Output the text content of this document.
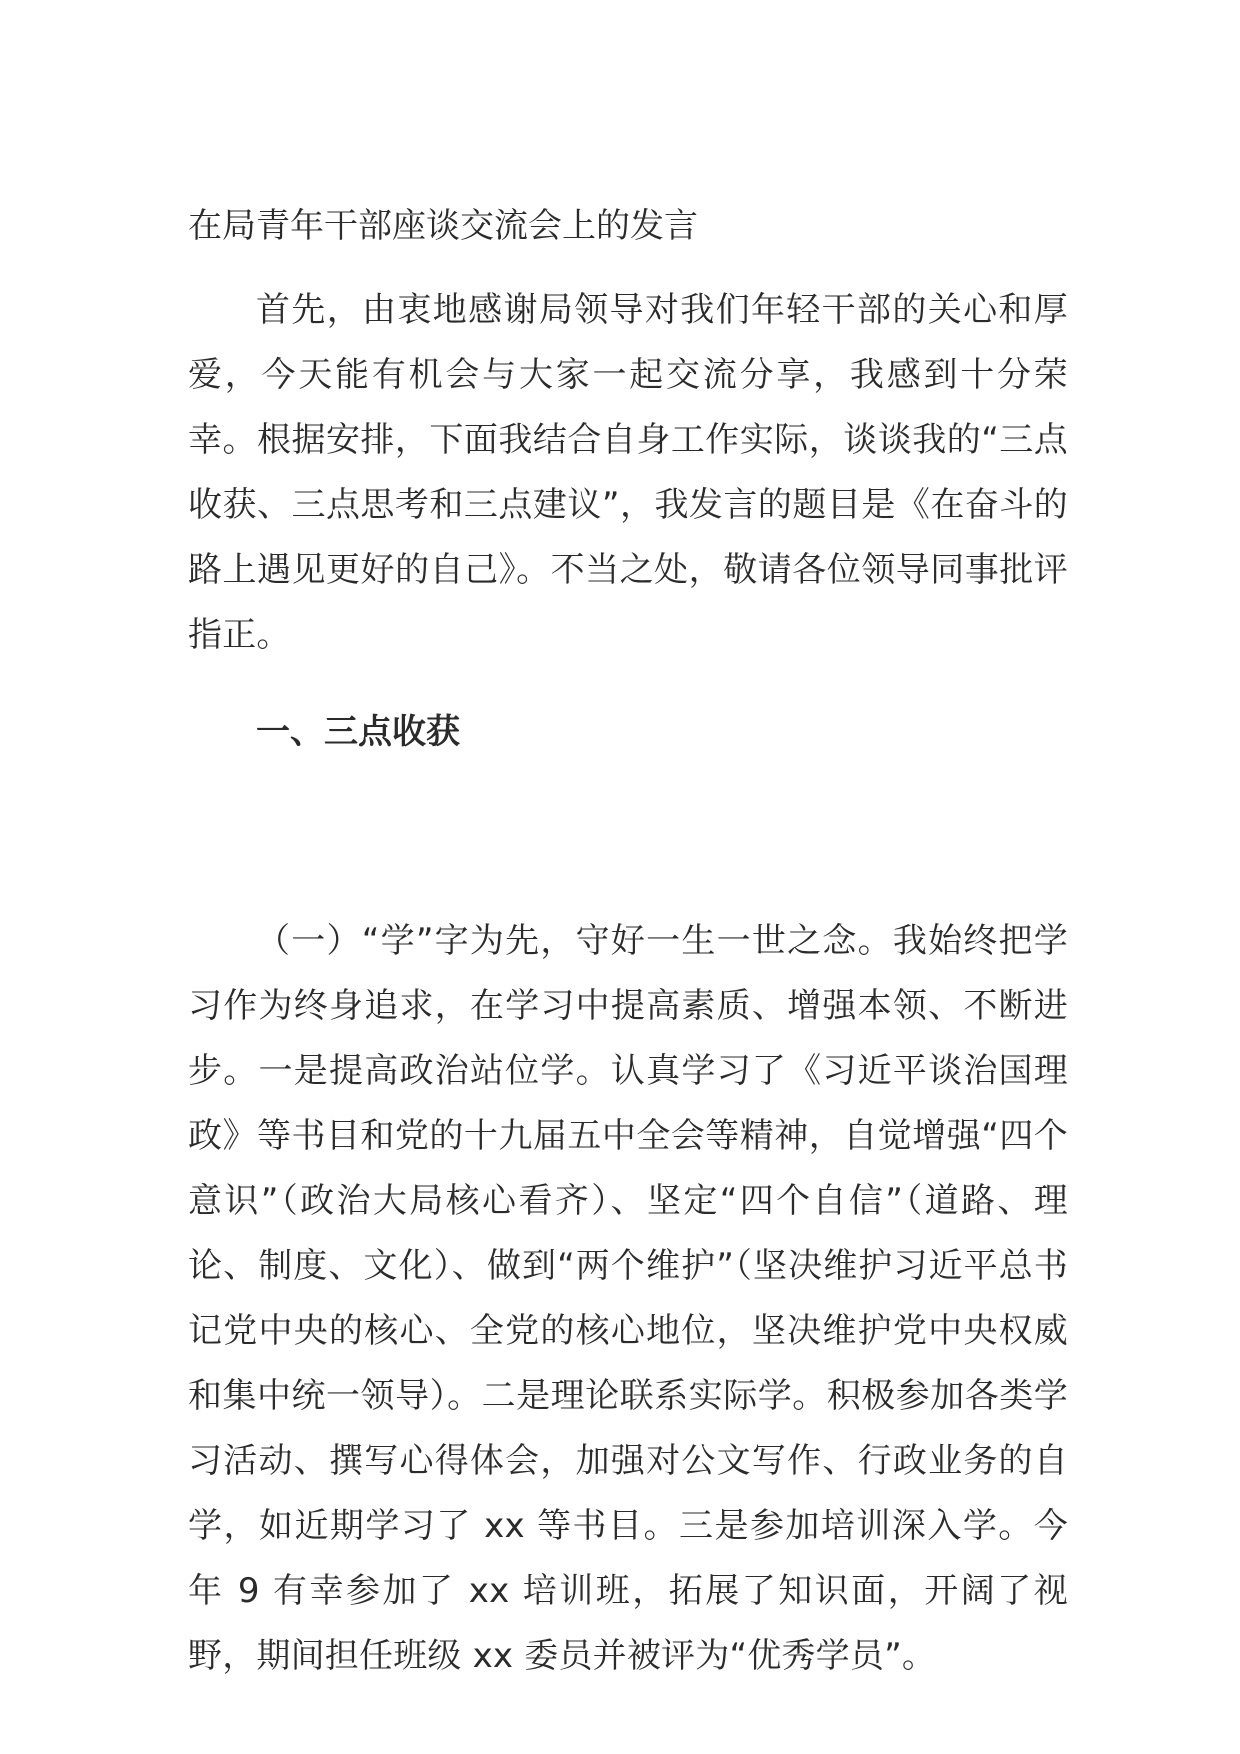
在局青年干部座谈交流会上的发言

首先，由衷地感谢局领导对我们年轻干部的关心和厚爱，今天能有机会与大家一起交流分享，我感到十分荣幸。根据安排，下面我结合自身工作实际，谈谈我的“三点收获、三点思考和三点建议”，我发言的题目是《在奋斗的路上遇见更好的自己》。不当之处，敬请各位领导同事批评指正。

一、三点收获

（一）“学”字为先，守好一生一世之念。我始终把学习作为终身追求，在学习中提高素质、增强本领、不断进步。一是提高政治站位学。认真学习了《习近平谈治国理政》等书目和党的十九届五中全会等精神，自觉增强“四个意识”（政治大局核心看齐）、坚定“四个自信”（道路、理论、制度、文化）、做到“两个维护”（坚决维护习近平总书记党中央的核心、全党的核心地位，坚决维护党中央权威和集中统一领导）。二是理论联系实际学。积极参加各类学习活动、撰写心得体会，加强对公文写作、行政业务的自学，如近期学习了 xx 等书目。三是参加培训深入学。今年 9 有幸参加了 xx 培训班，拓展了知识面，开阔了视野，期间担任班级 xx 委员并被评为“优秀学员”。
